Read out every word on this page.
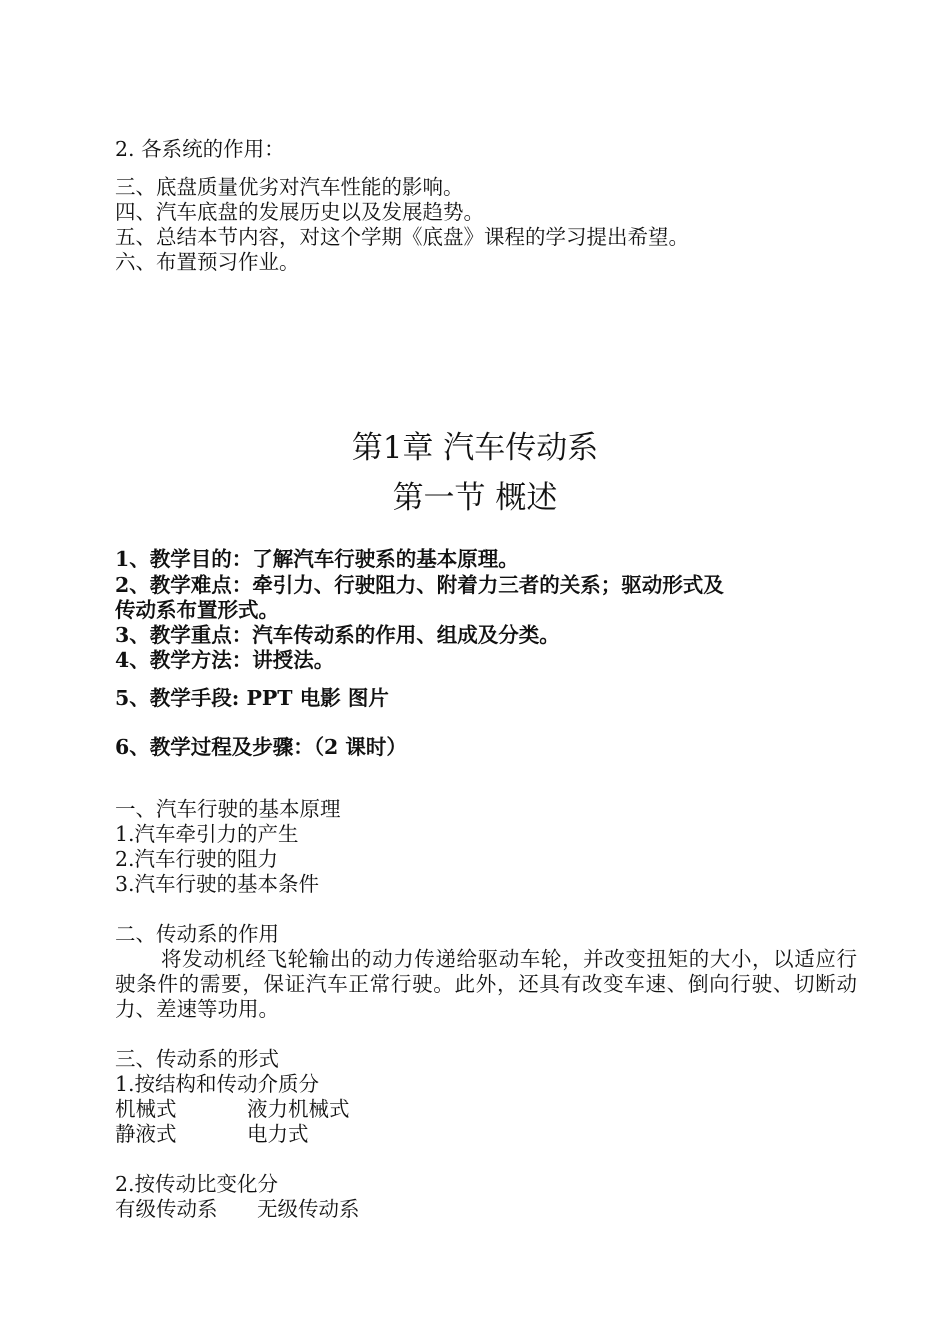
2. 各系统的作用：
三、底盘质量优劣对汽车性能的影响。
四、汽车底盘的发展历史以及发展趋势。
五、总结本节内容，对这个学期《底盘》课程的学习提出希望。
六、布置预习作业。
第1章 汽车传动系
第一节 概述
1、教学目的：了解汽车行驶系的基本原理。
2、教学难点：牵引力、行驶阻力、附着力三者的关系；驱动形式及
传动系布置形式。
3、教学重点：汽车传动系的作用、组成及分类。
4、教学方法：讲授法。
5、教学手段: PPT 电影 图片
6、教学过程及步骤：（2 课时）
一、汽车行驶的基本原理
1.汽车牵引力的产生
2.汽车行驶的阻力
3.汽车行驶的基本条件
二、传动系的作用
将发动机经飞轮输出的动力传递给驱动车轮，并改变扭矩的大小，以适应行驶条件的需要，保证汽车正常行驶。此外，还具有改变车速、倒向行驶、切断动力、差速等功用。
三、传动系的形式
1.按结构和传动介质分
机械式	液力机械式
静液式	电力式
2.按传动比变化分
有级传动系 无级传动系
